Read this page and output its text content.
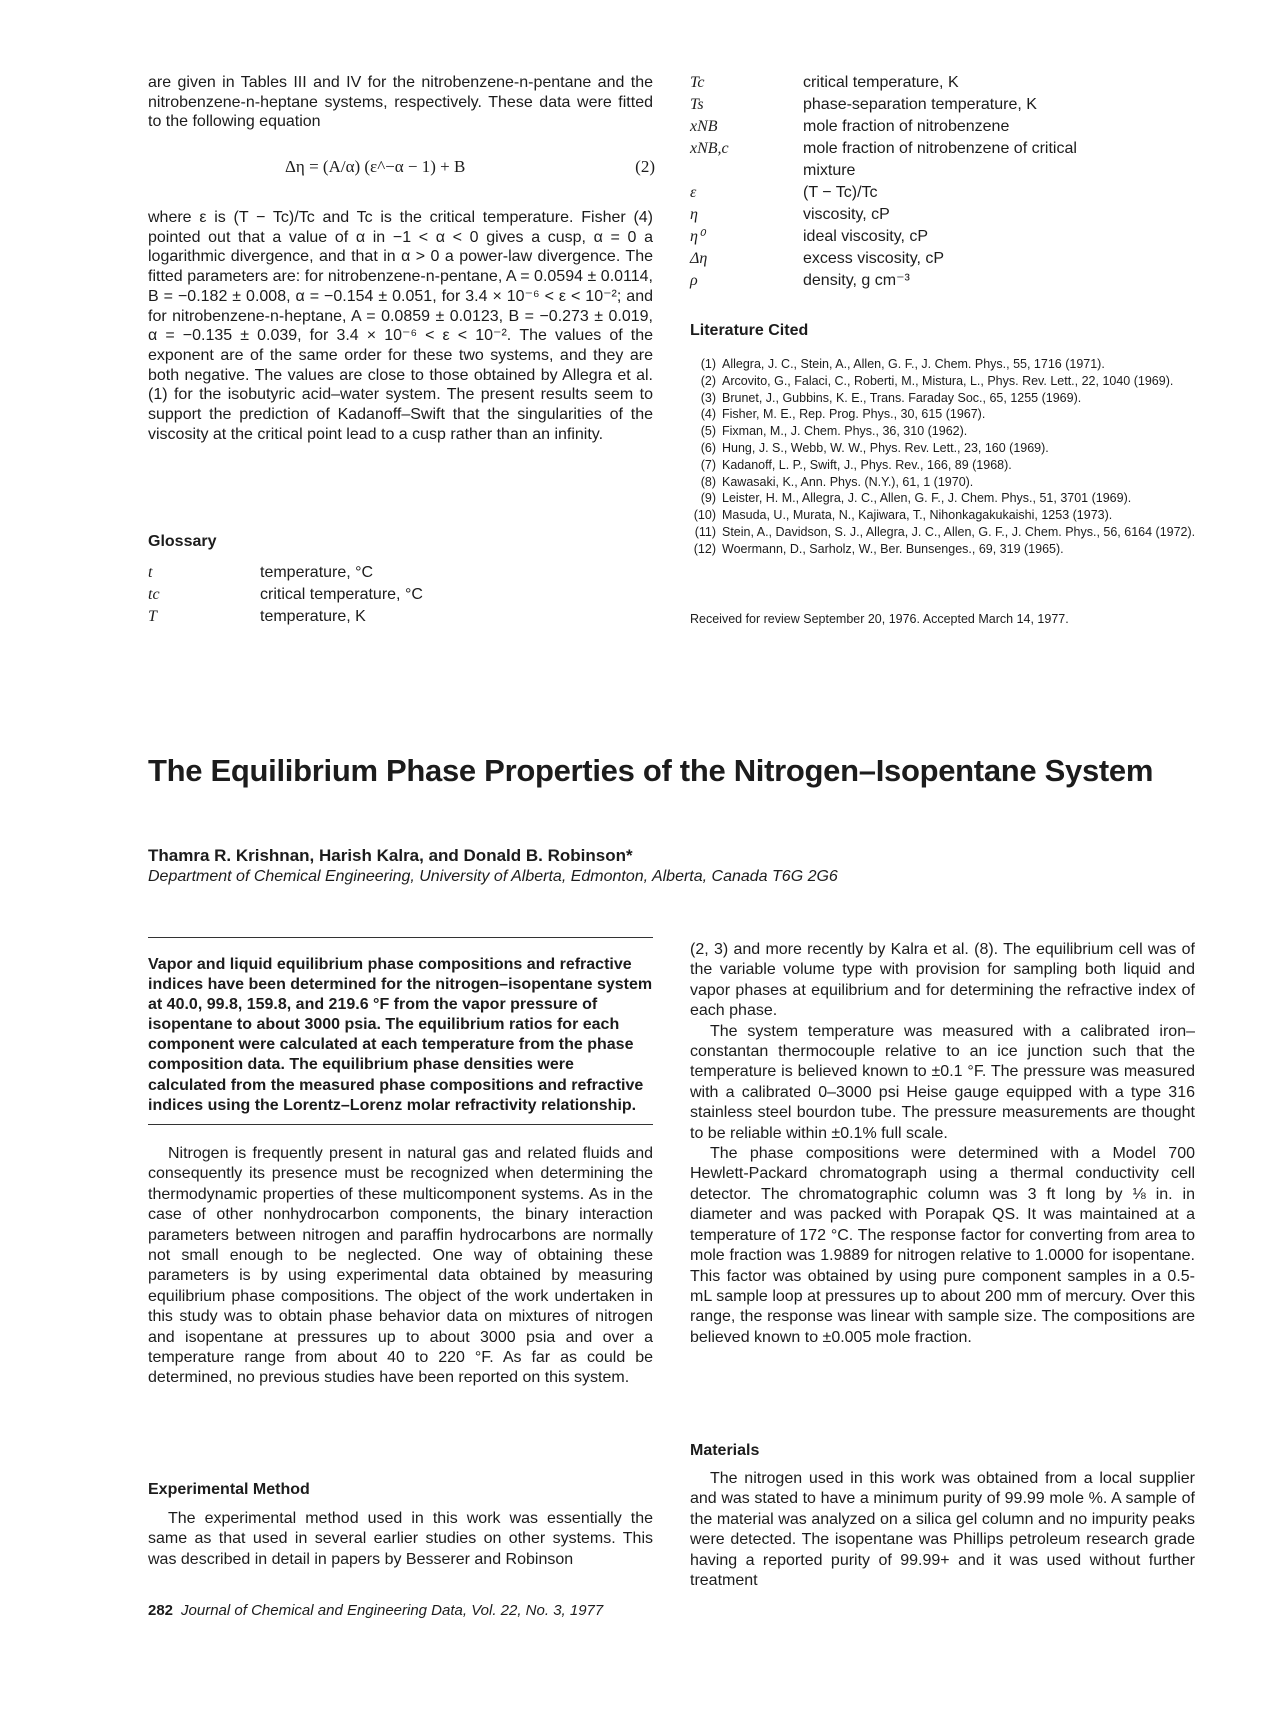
are given in Tables III and IV for the nitrobenzene-n-pentane and the nitrobenzene-n-heptane systems, respectively. These data were fitted to the following equation

Δη = (A/α) (ε^−α − 1) + B	(2)

where ε is (T − Tc)/Tc and Tc is the critical temperature. Fisher (4) pointed out that a value of α in −1 < α < 0 gives a cusp, α = 0 a logarithmic divergence, and that in α > 0 a power-law divergence. The fitted parameters are: for nitrobenzene-n-pentane, A = 0.0594 ± 0.0114, B = −0.182 ± 0.008, α = −0.154 ± 0.051, for 3.4 × 10⁻⁶ < ε < 10⁻²; and for nitrobenzene-n-heptane, A = 0.0859 ± 0.0123, B = −0.273 ± 0.019, α = −0.135 ± 0.039, for 3.4 × 10⁻⁶ < ε < 10⁻². The values of the exponent are of the same order for these two systems, and they are both negative. The values are close to those obtained by Allegra et al. (1) for the isobutyric acid–water system. The present results seem to support the prediction of Kadanoff–Swift that the singularities of the viscosity at the critical point lead to a cusp rather than an infinity.

Glossary
t	temperature, °C
tc	critical temperature, °C
T	temperature, K
Tc	critical temperature, K
Ts	phase-separation temperature, K
xNB	mole fraction of nitrobenzene
xNB,c	mole fraction of nitrobenzene of critical mixture
ε	(T − Tc)/Tc
η	viscosity, cP
η⁰	ideal viscosity, cP
Δη	excess viscosity, cP
ρ	density, g cm⁻³
Literature Cited
(1) Allegra, J. C., Stein, A., Allen, G. F., J. Chem. Phys., 55, 1716 (1971).
(2) Arcovito, G., Falaci, C., Roberti, M., Mistura, L., Phys. Rev. Lett., 22, 1040 (1969).
(3) Brunet, J., Gubbins, K. E., Trans. Faraday Soc., 65, 1255 (1969).
(4) Fisher, M. E., Rep. Prog. Phys., 30, 615 (1967).
(5) Fixman, M., J. Chem. Phys., 36, 310 (1962).
(6) Hung, J. S., Webb, W. W., Phys. Rev. Lett., 23, 160 (1969).
(7) Kadanoff, L. P., Swift, J., Phys. Rev., 166, 89 (1968).
(8) Kawasaki, K., Ann. Phys. (N.Y.), 61, 1 (1970).
(9) Leister, H. M., Allegra, J. C., Allen, G. F., J. Chem. Phys., 51, 3701 (1969).
(10) Masuda, U., Murata, N., Kajiwara, T., Nihonkagakukaishi, 1253 (1973).
(11) Stein, A., Davidson, S. J., Allegra, J. C., Allen, G. F., J. Chem. Phys., 56, 6164 (1972).
(12) Woermann, D., Sarholz, W., Ber. Bunsenges., 69, 319 (1965).
Received for review September 20, 1976. Accepted March 14, 1977.
The Equilibrium Phase Properties of the Nitrogen–Isopentane System
Thamra R. Krishnan, Harish Kalra, and Donald B. Robinson*
Department of Chemical Engineering, University of Alberta, Edmonton, Alberta, Canada T6G 2G6
Vapor and liquid equilibrium phase compositions and refractive indices have been determined for the nitrogen–isopentane system at 40.0, 99.8, 159.8, and 219.6 °F from the vapor pressure of isopentane to about 3000 psia. The equilibrium ratios for each component were calculated at each temperature from the phase composition data. The equilibrium phase densities were calculated from the measured phase compositions and refractive indices using the Lorentz–Lorenz molar refractivity relationship.

Nitrogen is frequently present in natural gas and related fluids and consequently its presence must be recognized when determining the thermodynamic properties of these multicomponent systems. As in the case of other nonhydrocarbon components, the binary interaction parameters between nitrogen and paraffin hydrocarbons are normally not small enough to be neglected. One way of obtaining these parameters is by using experimental data obtained by measuring equilibrium phase compositions. The object of the work undertaken in this study was to obtain phase behavior data on mixtures of nitrogen and isopentane at pressures up to about 3000 psia and over a temperature range from about 40 to 220 °F. As far as could be determined, no previous studies have been reported on this system.

Experimental Method

The experimental method used in this work was essentially the same as that used in several earlier studies on other systems. This was described in detail in papers by Besserer and Robinson

(2, 3) and more recently by Kalra et al. (8). The equilibrium cell was of the variable volume type with provision for sampling both liquid and vapor phases at equilibrium and for determining the refractive index of each phase.

The system temperature was measured with a calibrated iron–constantan thermocouple relative to an ice junction such that the temperature is believed known to ±0.1 °F. The pressure was measured with a calibrated 0–3000 psi Heise gauge equipped with a type 316 stainless steel bourdon tube. The pressure measurements are thought to be reliable within ±0.1% full scale.

The phase compositions were determined with a Model 700 Hewlett-Packard chromatograph using a thermal conductivity cell detector. The chromatographic column was 3 ft long by ⅛ in. in diameter and was packed with Porapak QS. It was maintained at a temperature of 172 °C. The response factor for converting from area to mole fraction was 1.9889 for nitrogen relative to 1.0000 for isopentane. This factor was obtained by using pure component samples in a 0.5-mL sample loop at pressures up to about 200 mm of mercury. Over this range, the response was linear with sample size. The compositions are believed known to ±0.005 mole fraction.

Materials

The nitrogen used in this work was obtained from a local supplier and was stated to have a minimum purity of 99.99 mole %. A sample of the material was analyzed on a silica gel column and no impurity peaks were detected. The isopentane was Phillips petroleum research grade having a reported purity of 99.99+ and it was used without further treatment

282 Journal of Chemical and Engineering Data, Vol. 22, No. 3, 1977
